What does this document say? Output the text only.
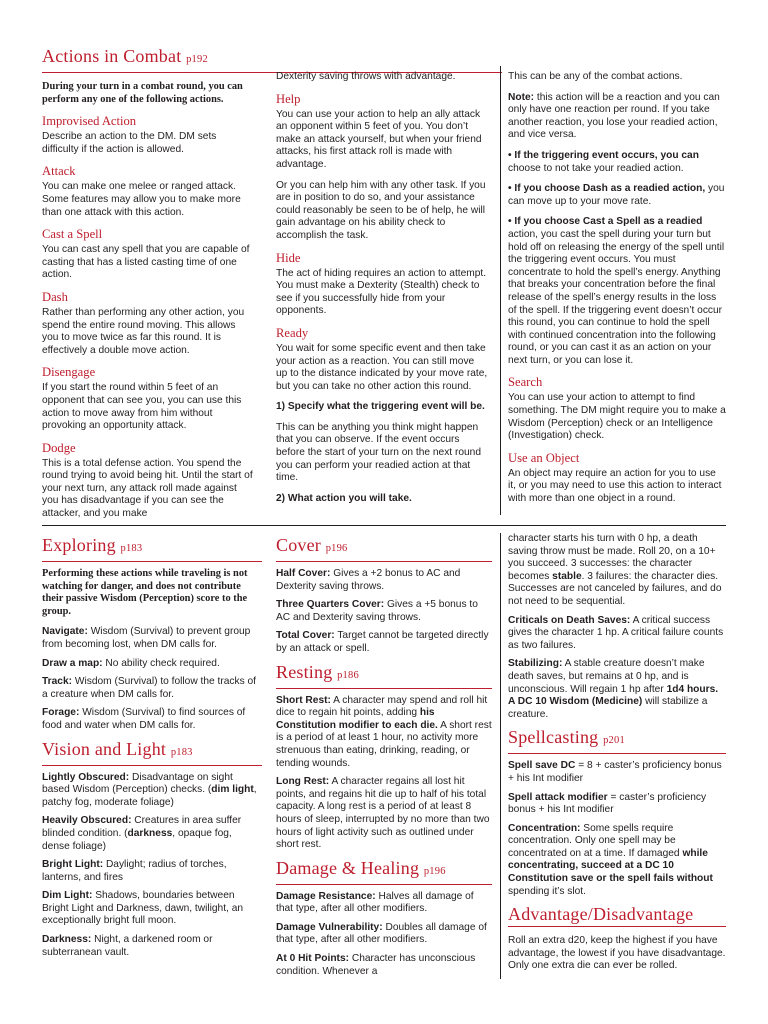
Actions in Combat p192

During your turn in a combat round, you can perform any one of the following actions.

Improvised Action

Describe an action to the DM. DM sets difficulty if the action is allowed.

Attack

You can make one melee or ranged attack. Some features may allow you to make more than one attack with this action.

Cast a Spell

You can cast any spell that you are capable of casting that has a listed casting time of one action.

Dash

Rather than performing any other action, you spend the entire round moving. This allows you to move twice as far this round. It is effectively a double move action.

Disengage

If you start the round within 5 feet of an opponent that can see you, you can use this action to move away from him without provoking an opportunity attack.

Dodge

This is a total defense action. You spend the round trying to avoid being hit. Until the start of your next turn, any attack roll made against you has disadvantage if you can see the attacker, and you make

Dexterity saving throws with advantage.

Help

You can use your action to help an ally attack an opponent within 5 feet of you. You don’t make an attack yourself, but when your friend attacks, his first attack roll is made with advantage.

Or you can help him with any other task. If you are in position to do so, and your assistance could reasonably be seen to be of help, he will gain advantage on his ability check to accomplish the task.

Hide

The act of hiding requires an action to attempt. You must make a Dexterity (Stealth) check to see if you successfully hide from your opponents.

Ready

You wait for some specific event and then take your action as a reaction. You can still move up to the distance indicated by your move rate, but you can take no other action this round.

1) Specify what the triggering event will be.

This can be anything you think might happen that you can observe. If the event occurs before the start of your turn on the next round you can perform your readied action at that time.

2) What action you will take.

This can be any of the combat actions.

Note: this action will be a reaction and you can only have one reaction per round. If you take another reaction, you lose your readied action, and vice versa.

• If the triggering event occurs, you can choose to not take your readied action.

• If you choose Dash as a readied action, you can move up to your move rate.

• If you choose Cast a Spell as a readied action, you cast the spell during your turn but hold off on releasing the energy of the spell until the triggering event occurs. You must concentrate to hold the spell’s energy. Anything that breaks your concentration before the final release of the spell’s energy results in the loss of the spell. If the triggering event doesn’t occur this round, you can continue to hold the spell with continued concentration into the following round, or you can cast it as an action on your next turn, or you can lose it.

Search

You can use your action to attempt to find something. The DM might require you to make a Wisdom (Perception) check or an Intelligence (Investigation) check.

Use an Object

An object may require an action for you to use it, or you may need to use this action to interact with more than one object in a round.

Exploring p183

Performing these actions while traveling is not watching for danger, and does not contribute their passive Wisdom (Perception) score to the group.

Navigate: Wisdom (Survival) to prevent group from becoming lost, when DM calls for.

Draw a map: No ability check required.

Track: Wisdom (Survival) to follow the tracks of a creature when DM calls for.

Forage: Wisdom (Survival) to find sources of food and water when DM calls for.

Vision and Light p183

Lightly Obscured: Disadvantage on sight based Wisdom (Perception) checks. (dim light, patchy fog, moderate foliage)

Heavily Obscured: Creatures in area suffer blinded condition. (darkness, opaque fog, dense foliage)

Bright Light: Daylight; radius of torches, lanterns, and fires

Dim Light: Shadows, boundaries between Bright Light and Darkness, dawn, twilight, an exceptionally bright full moon.

Darkness: Night, a darkened room or subterranean vault.

Cover p196

Half Cover: Gives a +2 bonus to AC and Dexterity saving throws.

Three Quarters Cover: Gives a +5 bonus to AC and Dexterity saving throws.

Total Cover: Target cannot be targeted directly by an attack or spell.

Resting p186

Short Rest: A character may spend and roll hit dice to regain hit points, adding his Constitution modifier to each die. A short rest is a period of at least 1 hour, no activity more strenuous than eating, drinking, reading, or tending wounds.

Long Rest: A character regains all lost hit points, and regains hit die up to half of his total capacity. A long rest is a period of at least 8 hours of sleep, interrupted by no more than two hours of light activity such as outlined under short rest.

Damage & Healing p196

Damage Resistance: Halves all damage of that type, after all other modifiers.

Damage Vulnerability: Doubles all damage of that type, after all other modifiers.

At 0 Hit Points: Character has unconscious condition. Whenever a

character starts his turn with 0 hp, a death saving throw must be made. Roll 20, on a 10+ you succeed. 3 successes: the character becomes stable. 3 failures: the character dies. Successes are not canceled by failures, and do not need to be sequential.

Criticals on Death Saves: A critical success gives the character 1 hp. A critical failure counts as two failures.

Stabilizing: A stable creature doesn’t make death saves, but remains at 0 hp, and is unconscious. Will regain 1 hp after 1d4 hours. A DC 10 Wisdom (Medicine) will stabilize a creature.

Spellcasting p201

Spell save DC = 8 + caster’s proficiency bonus + his Int modifier

Spell attack modifier = caster’s proficiency bonus + his Int modifier

Concentration: Some spells require concentration. Only one spell may be concentrated on at a time. If damaged while concentrating, succeed at a DC 10 Constitution save or the spell fails without spending it’s slot.

Advantage/Disadvantage

Roll an extra d20, keep the highest if you have advantage, the lowest if you have disadvantage. Only one extra die can ever be rolled.
